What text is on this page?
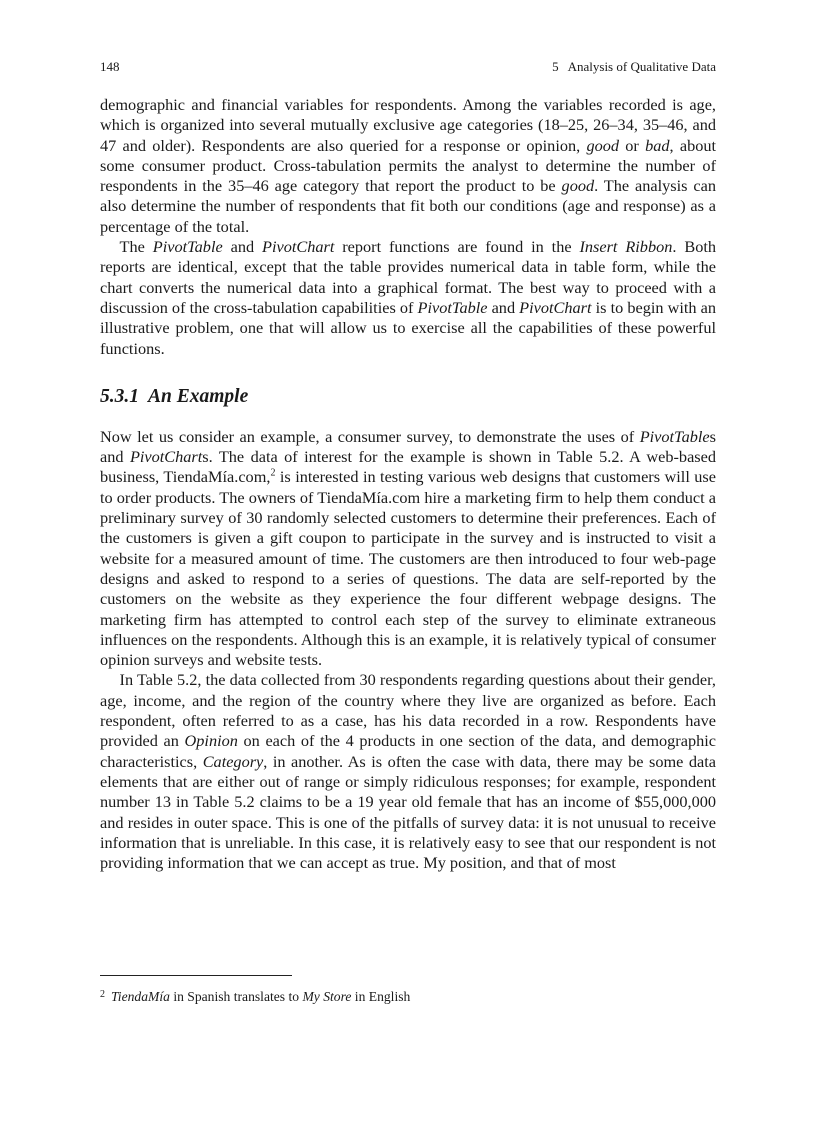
148	5   Analysis of Qualitative Data

demographic and financial variables for respondents. Among the variables recorded is age, which is organized into several mutually exclusive age categories (18–25, 26–34, 35–46, and 47 and older). Respondents are also queried for a response or opinion, good or bad, about some consumer product. Cross-tabulation permits the analyst to determine the number of respondents in the 35–46 age category that report the product to be good. The analysis can also determine the number of respondents that fit both our conditions (age and response) as a percentage of the total.

The PivotTable and PivotChart report functions are found in the Insert Ribbon. Both reports are identical, except that the table provides numerical data in table form, while the chart converts the numerical data into a graphical format. The best way to proceed with a discussion of the cross-tabulation capabilities of PivotTable and PivotChart is to begin with an illustrative problem, one that will allow us to exercise all the capabilities of these powerful functions.

5.3.1  An Example

Now let us consider an example, a consumer survey, to demonstrate the uses of PivotTables and PivotCharts. The data of interest for the example is shown in Table 5.2. A web-based business, TiendaMía.com,$^2$ is interested in testing various web designs that customers will use to order products. The owners of TiendaMía.com hire a marketing firm to help them conduct a preliminary survey of 30 randomly selected customers to determine their preferences. Each of the customers is given a gift coupon to participate in the survey and is instructed to visit a website for a measured amount of time. The customers are then introduced to four web-page designs and asked to respond to a series of questions. The data are self-reported by the customers on the website as they experience the four different webpage designs. The marketing firm has attempted to control each step of the survey to eliminate extraneous influences on the respondents. Although this is an example, it is relatively typical of consumer opinion surveys and website tests.

In Table 5.2, the data collected from 30 respondents regarding questions about their gender, age, income, and the region of the country where they live are organized as before. Each respondent, often referred to as a case, has his data recorded in a row. Respondents have provided an Opinion on each of the 4 products in one section of the data, and demographic characteristics, Category, in another. As is often the case with data, there may be some data elements that are either out of range or simply ridiculous responses; for example, respondent number 13 in Table 5.2 claims to be a 19 year old female that has an income of $55,000,000 and resides in outer space. This is one of the pitfalls of survey data: it is not unusual to receive information that is unreliable. In this case, it is relatively easy to see that our respondent is not providing information that we can accept as true. My position, and that of most

$^2$ TiendaMía in Spanish translates to My Store in English
